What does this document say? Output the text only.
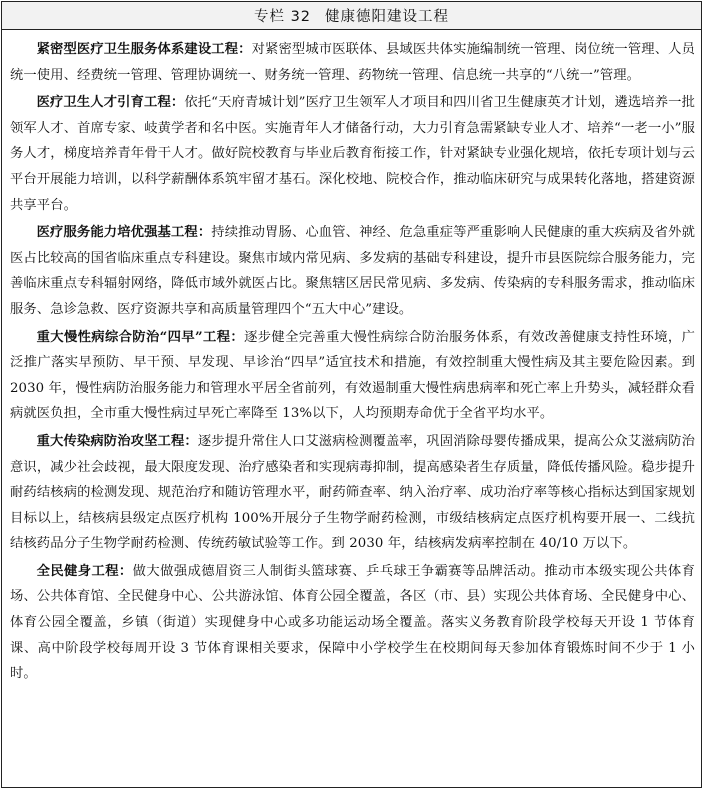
专栏 32 健康德阳建设工程

紧密型医疗卫生服务体系建设工程：对紧密型城市医联体、县域医共体实施编制统一管理、岗位统一管理、人员统一使用、经费统一管理、管理协调统一、财务统一管理、药物统一管理、信息统一共享的“八统一”管理。

医疗卫生人才引育工程：依托“天府青城计划”医疗卫生领军人才项目和四川省卫生健康英才计划，遴选培养一批领军人才、首席专家、岐黄学者和名中医。实施青年人才储备行动，大力引育急需紧缺专业人才、培养“一老一小”服务人才，梯度培养青年骨干人才。做好院校教育与毕业后教育衔接工作，针对紧缺专业强化规培，依托专项计划与云平台开展能力培训，以科学薪酬体系筑牢留才基石。深化校地、院校合作，推动临床研究与成果转化落地，搭建资源共享平台。

医疗服务能力培优强基工程：持续推动胃肠、心血管、神经、危急重症等严重影响人民健康的重大疾病及省外就医占比较高的国省临床重点专科建设。聚焦市域内常见病、多发病的基础专科建设，提升市县医院综合服务能力，完善临床重点专科辐射网络，降低市域外就医占比。聚焦辖区居民常见病、多发病、传染病的专科服务需求，推动临床服务、急诊急救、医疗资源共享和高质量管理四个“五大中心”建设。

重大慢性病综合防治“四早”工程：逐步健全完善重大慢性病综合防治服务体系，有效改善健康支持性环境，广泛推广落实早预防、早干预、早发现、早诊治“四早”适宜技术和措施，有效控制重大慢性病及其主要危险因素。到 2030 年，慢性病防治服务能力和管理水平居全省前列，有效遏制重大慢性病患病率和死亡率上升势头，减轻群众看病就医负担，全市重大慢性病过早死亡率降至 13%以下，人均预期寿命优于全省平均水平。

重大传染病防治攻坚工程：逐步提升常住人口艾滋病检测覆盖率，巩固消除母婴传播成果，提高公众艾滋病防治意识，减少社会歧视，最大限度发现、治疗感染者和实现病毒抑制，提高感染者生存质量，降低传播风险。稳步提升耐药结核病的检测发现、规范治疗和随访管理水平，耐药筛查率、纳入治疗率、成功治疗率等核心指标达到国家规划目标以上，结核病县级定点医疗机构 100%开展分子生物学耐药检测，市级结核病定点医疗机构要开展一、二线抗结核药品分子生物学耐药检测、传统药敏试验等工作。到 2030 年，结核病发病率控制在 40/10 万以下。

全民健身工程：做大做强成德眉资三人制街头篮球赛、乒乓球王争霸赛等品牌活动。推动市本级实现公共体育场、公共体育馆、全民健身中心、公共游泳馆、体育公园全覆盖，各区（市、县）实现公共体育场、全民健身中心、体育公园全覆盖，乡镇（街道）实现健身中心或多功能运动场全覆盖。落实义务教育阶段学校每天开设 1 节体育课、高中阶段学校每周开设 3 节体育课相关要求，保障中小学校学生在校期间每天参加体育锻炼时间不少于 1 小时。
